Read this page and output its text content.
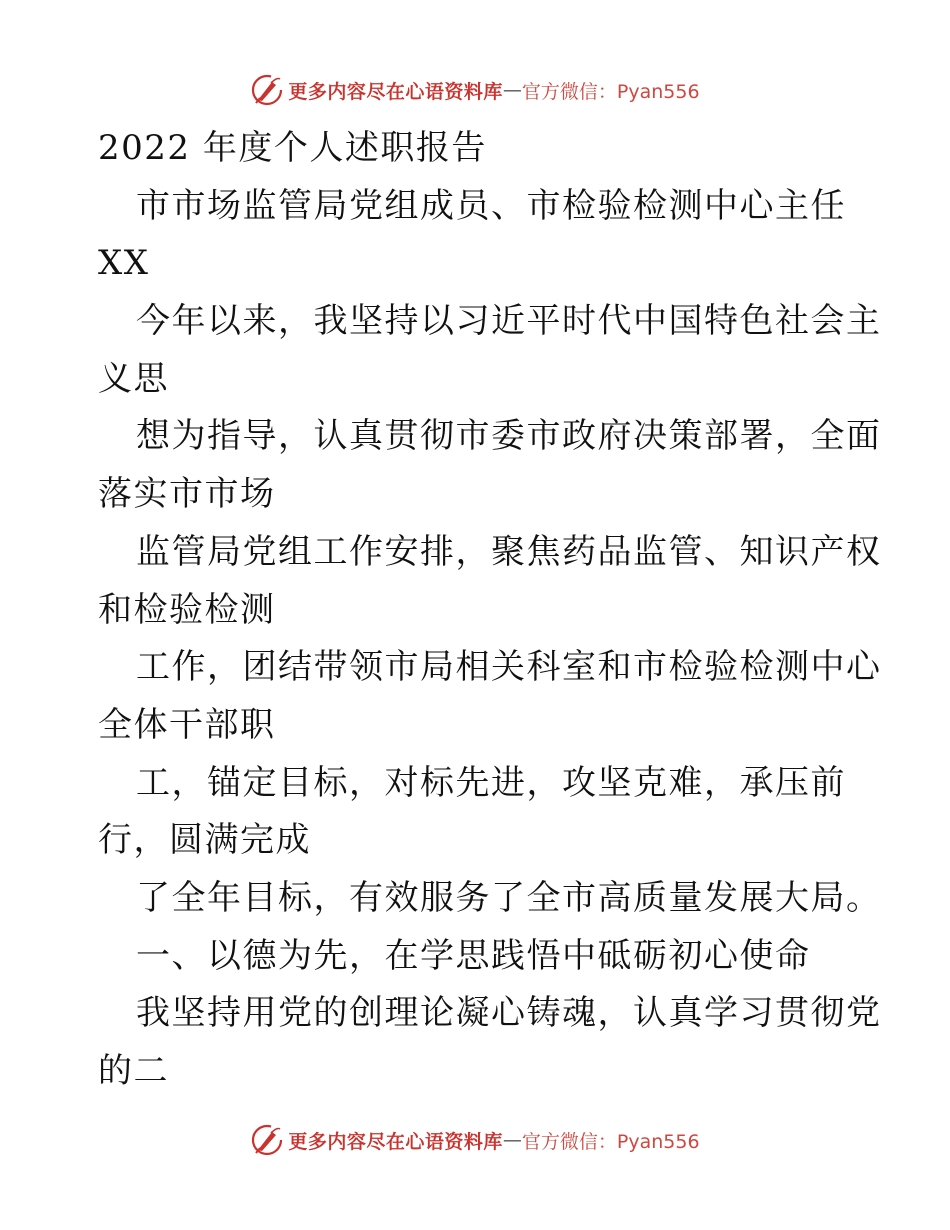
更多内容尽在心语资料库 — 官方微信：Pyan556
2022 年度个人述职报告
市市场监管局党组成员、市检验检测中心主任
XX
今年以来，我坚持以习近平时代中国特色社会主
义思
想为指导，认真贯彻市委市政府决策部署，全面
落实市市场
监管局党组工作安排，聚焦药品监管、知识产权
和检验检测
工作，团结带领市局相关科室和市检验检测中心
全体干部职
工，锚定目标，对标先进，攻坚克难，承压前
行，圆满完成
了全年目标，有效服务了全市高质量发展大局。
一、以德为先，在学思践悟中砥砺初心使命
我坚持用党的创理论凝心铸魂，认真学习贯彻党
的二
更多内容尽在心语资料库 — 官方微信：Pyan556
